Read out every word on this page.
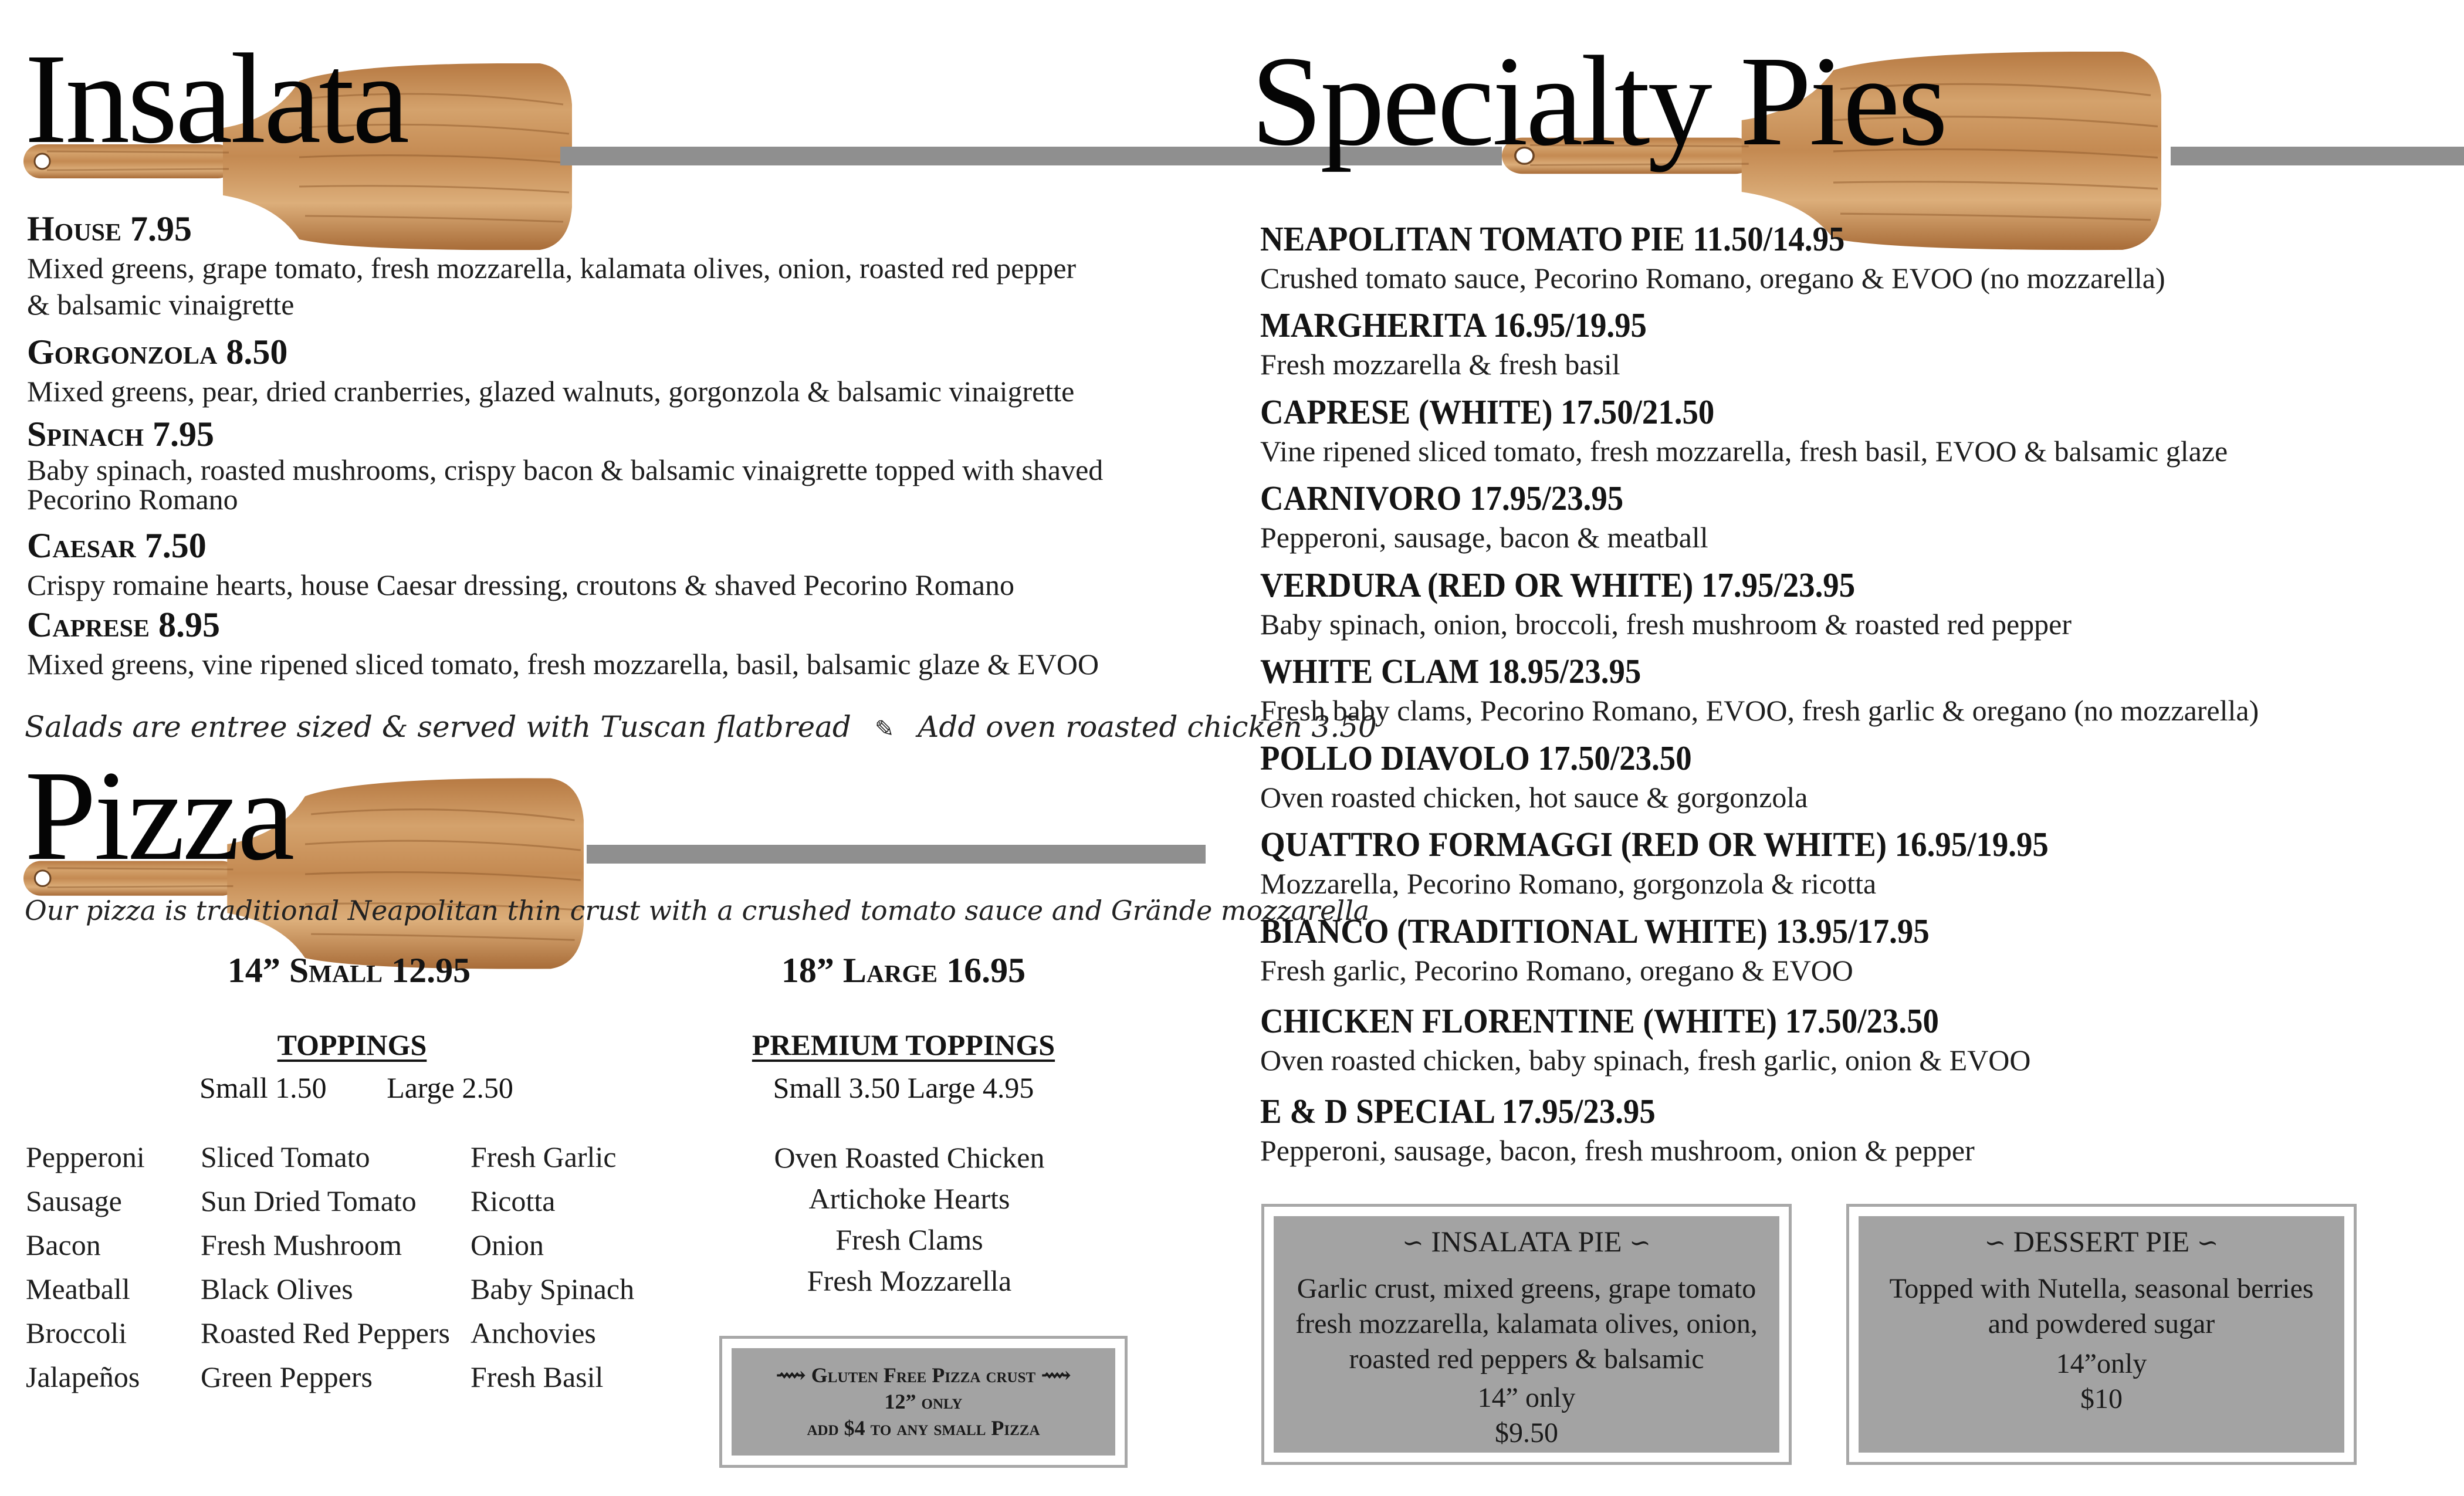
Insalata
House 7.95
Mixed greens, grape tomato, fresh mozzarella, kalamata olives, onion, roasted red pepper
& balsamic vinaigrette
Gorgonzola 8.50
Mixed greens, pear, dried cranberries, glazed walnuts, gorgonzola & balsamic vinaigrette
Spinach 7.95
Baby spinach, roasted mushrooms, crispy bacon & balsamic vinaigrette topped with shaved
Pecorino Romano
Caesar 7.50
Crispy romaine hearts, house Caesar dressing, croutons & shaved Pecorino Romano
Caprese 8.95
Mixed greens, vine ripened sliced tomato, fresh mozzarella, basil, balsamic glaze & EVOO
Salads are entree sized & served with Tuscan flatbread ✎ Add oven roasted chicken 3.50
Pizza
Our pizza is traditional Neapolitan thin crust with a crushed tomato sauce and Grände mozzarella
14” Small 12.95	18” Large 16.95
TOPPINGS
Small 1.50 Large 2.50
PREMIUM TOPPINGS
Small 3.50 Large 4.95
Pepperoni
Sausage
Bacon
Meatball
Broccoli
Jalapeños
Sliced Tomato
Sun Dried Tomato
Fresh Mushroom
Black Olives
Roasted Red Peppers
Green Peppers
Fresh Garlic
Ricotta
Onion
Baby Spinach
Anchovies
Fresh Basil
Oven Roasted Chicken
Artichoke Hearts
Fresh Clams
Fresh Mozzarella
⟿ Gluten Free Pizza crust ⟿
12” only
add $4 to any small Pizza
Specialty Pies
NEAPOLITAN TOMATO PIE 11.50/14.95
Crushed tomato sauce, Pecorino Romano, oregano & EVOO (no mozzarella)
MARGHERITA 16.95/19.95
Fresh mozzarella & fresh basil
CAPRESE (WHITE) 17.50/21.50
Vine ripened sliced tomato, fresh mozzarella, fresh basil, EVOO & balsamic glaze
CARNIVORO 17.95/23.95
Pepperoni, sausage, bacon & meatball
VERDURA (RED OR WHITE) 17.95/23.95
Baby spinach, onion, broccoli, fresh mushroom & roasted red pepper
WHITE CLAM 18.95/23.95
Fresh baby clams, Pecorino Romano, EVOO, fresh garlic & oregano (no mozzarella)
POLLO DIAVOLO 17.50/23.50
Oven roasted chicken, hot sauce & gorgonzola
QUATTRO FORMAGGI (RED OR WHITE) 16.95/19.95
Mozzarella, Pecorino Romano, gorgonzola & ricotta
BIANCO (TRADITIONAL WHITE) 13.95/17.95
Fresh garlic, Pecorino Romano, oregano & EVOO
CHICKEN FLORENTINE (WHITE) 17.50/23.50
Oven roasted chicken, baby spinach, fresh garlic, onion & EVOO
E & D SPECIAL 17.95/23.95
Pepperoni, sausage, bacon, fresh mushroom, onion & pepper
∽ INSALATA PIE ∽
Garlic crust, mixed greens, grape tomato
fresh mozzarella, kalamata olives, onion,
roasted red peppers & balsamic
14” only
$9.50
∽ DESSERT PIE ∽
Topped with Nutella, seasonal berries
and powdered sugar
14”only
$10
